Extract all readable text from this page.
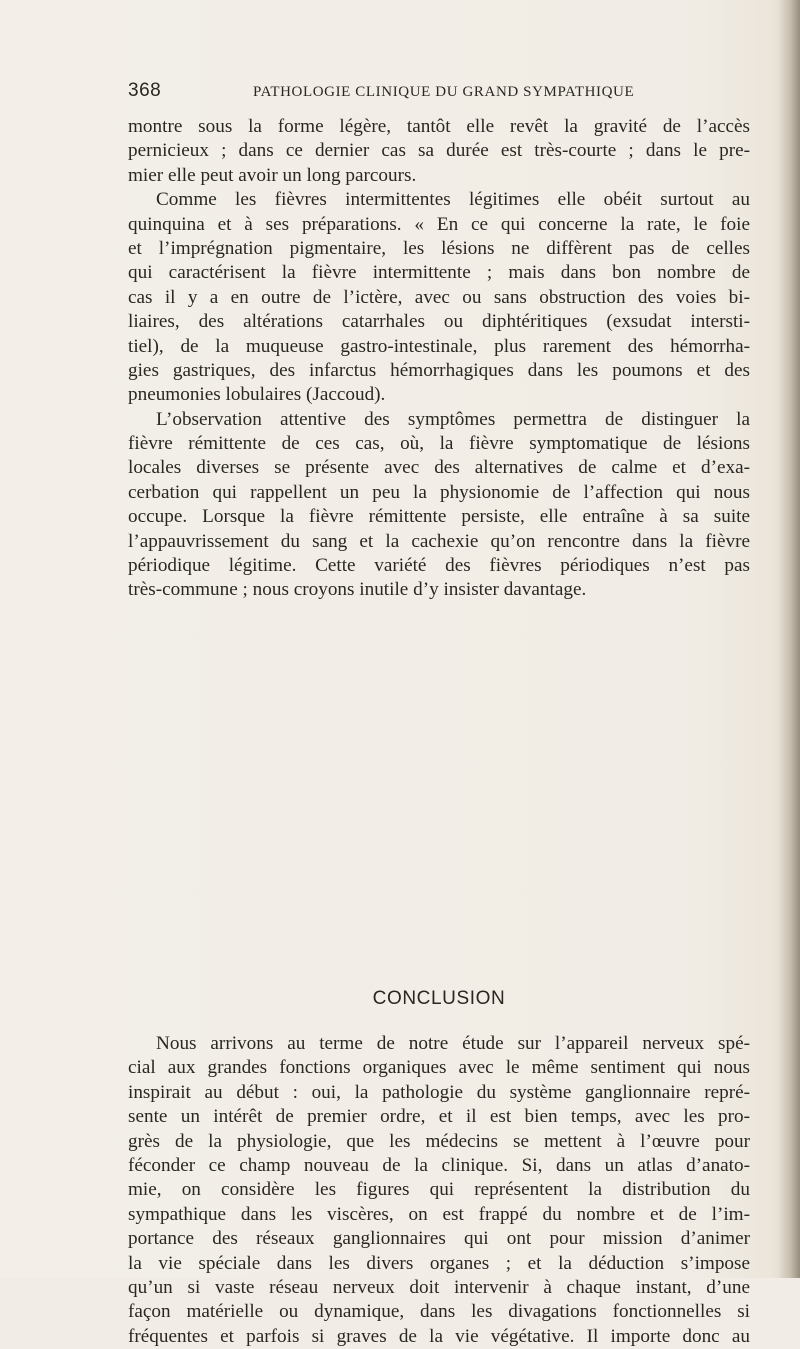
368	PATHOLOGIE CLINIQUE DU GRAND SYMPATHIQUE
montre sous la forme légère, tantôt elle revêt la gravité de l’accès
pernicieux ; dans ce dernier cas sa durée est très-courte ; dans le pre-
mier elle peut avoir un long parcours.
Comme les fièvres intermittentes légitimes elle obéit surtout au
quinquina et à ses préparations. « En ce qui concerne la rate, le foie
et l’imprégnation pigmentaire, les lésions ne diffèrent pas de celles
qui caractérisent la fièvre intermittente ; mais dans bon nombre de
cas il y a en outre de l’ictère, avec ou sans obstruction des voies bi-
liaires, des altérations catarrhales ou diphtéritiques (exsudat intersti-
tiel), de la muqueuse gastro-intestinale, plus rarement des hémorrha-
gies gastriques, des infarctus hémorrhagiques dans les poumons et des
pneumonies lobulaires (Jaccoud).
L’observation attentive des symptômes permettra de distinguer la
fièvre rémittente de ces cas, où, la fièvre symptomatique de lésions
locales diverses se présente avec des alternatives de calme et d’exa-
cerbation qui rappellent un peu la physionomie de l’affection qui nous
occupe. Lorsque la fièvre rémittente persiste, elle entraîne à sa suite
l’appauvrissement du sang et la cachexie qu’on rencontre dans la fièvre
périodique légitime. Cette variété des fièvres périodiques n’est pas
très-commune ; nous croyons inutile d’y insister davantage.
CONCLUSION
Nous arrivons au terme de notre étude sur l’appareil nerveux spé-
cial aux grandes fonctions organiques avec le même sentiment qui nous
inspirait au début : oui, la pathologie du système ganglionnaire repré-
sente un intérêt de premier ordre, et il est bien temps, avec les pro-
grès de la physiologie, que les médecins se mettent à l’œuvre pour
féconder ce champ nouveau de la clinique. Si, dans un atlas d’anato-
mie, on considère les figures qui représentent la distribution du
sympathique dans les viscères, on est frappé du nombre et de l’im-
portance des réseaux ganglionnaires qui ont pour mission d’animer
la vie spéciale dans les divers organes ; et la déduction s’impose
qu’un si vaste réseau nerveux doit intervenir à chaque instant, d’une
façon matérielle ou dynamique, dans les divagations fonctionnelles si
fréquentes et parfois si graves de la vie végétative. Il importe donc au
